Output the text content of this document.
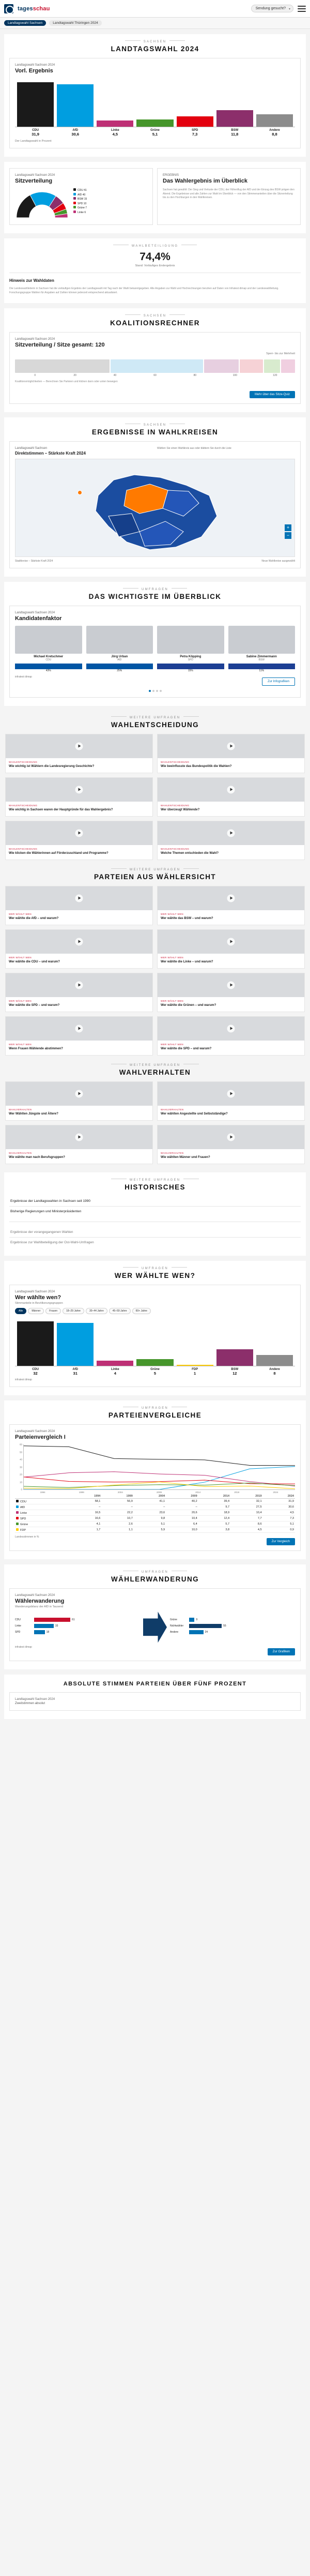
tagesschau	Sendung gesucht? ▾
Landtagswahl Sachsen	Landtagswahl Thüringen 2024
SACHSEN
LANDTAGSWAHL 2024
Landtagswahl Sachsen 2024
Vorl. Ergebnis
CDU
31,9
AfD
30,6
Linke
4,5
Grüne
5,1
SPD
7,3
BSW
11,8
Andere
8,8
Der Landtagswahl in Prozent
Landtagswahl Sachsen 2024
Sitzverteilung
CDU 41
AfD 40
BSW 15
SPD 10
Grüne 7
Linke 6
ERGEBNIS
Das Wahlergebnis im Überblick
Sachsen hat gewählt: Der Sieg und Verluste der CDU, der Höhenflug der AfD und der Einzug des BSW prägen den Abend. Die Ergebnisse und alle Zahlen zur Wahl im Überblick — von den Stimmenanteilen über die Sitzverteilung bis zu den Hochburgen in den Wahlkreisen.
WAHLBETEILIGUNG
74,4%
Stand: Vorläufiges Endergebnis
Hinweis zur Wahldaten
Die Landeswahlleiterin in Sachsen hat die vorläufigen Ergebnis der Landtagswahl mit Tag nach der Wahl bekanntgegeben. Alle Angaben zur Wahl und Hochrechnungen beruhen auf Daten von Infratest dimap und der Landeswahlleitung. Forschungsgruppe Wahlen für Angaben auf Zahlen können jederzeit entsprechend aktualisiert.
SACHSEN
KOALITIONSRECHNER
Landtagswahl Sachsen 2024
Sitzverteilung / Sitze gesamt: 120
Sperr- bis zur Mehrheit
0	20	40	60	80	100	120
Koalitionsmöglichkeiten — Berechnen Sie Parteien und klicken dann oder unten bewegen
Mehr über das Sitze-Quiz
SACHSEN
ERGEBNISSE IN WAHLKREISEN
Landtagswahl Sachsen
Direktstimmen – Stärkste Kraft 2024
Wählen Sie einen Wahlkreis aus oder blättern Sie durch die Liste
+
−
Stadtkreise – Stärkste Kraft 2024	Neue Wahlkreise ausgewählt
UMFRAGEN
DAS WICHTIGSTE IM ÜBERBLICK
Landtagswahl Sachsen 2024
Kandidatenfaktor
Michael Kretschmer
CDU
43%
Jörg Urban
AfD
25%
Petra Köpping
SPD
15%
Sabine Zimmermann
BSW
11%
infratest dimap
Zur Infografiken
WEITERE UMFRAGEN
WAHLENTSCHEIDUNG
WAHLENTSCHEIDUNG
Wie wichtig ist Wählern die Landesregierung Geschichte?
WAHLENTSCHEIDUNG
Wie beeinflusste das Bundespolitik die Wahlen?
WAHLENTSCHEIDUNG
Wie wichtig in Sachsen waren der Hauptgründe für das Wahlergebnis?
WAHLENTSCHEIDUNG
Wer überzeugt Wählende?
WAHLENTSCHEIDUNG
Wie klicken die Wählerinnen auf Förderzuschland und Programme?
WAHLENTSCHEIDUNG
Welche Themen entschieden die Wahl?
WEITERE UMFRAGEN
PARTEIEN AUS WÄHLERSICHT
WER WÄHLT WEN
Wer wählte die AfD – und warum?
WER WÄHLT WEN
Wer wählte das BSW – und warum?
WER WÄHLT WEN
Wer wählte die CDU – und warum?
WER WÄHLT WEN
Wer wählte die Linke – und warum?
WER WÄHLT WEN
Wer wählte die SPD – und warum?
WER WÄHLT WEN
Wer wählte die Grünen – und warum?
WER WÄHLT WEN
Wenn Frauen Wählende abstimmen?
WER WÄHLT WEN
Wer wählte die SPD – und warum?
WEITERE UMFRAGEN
WAHLVERHALTEN
WAHLVERHALTEN
Wer Wählten Jüngste und Ältere?
WAHLVERHALTEN
Wer wählten Angestellte und Selbstständige?
WAHLVERHALTEN
Wie wählte man nach Berufsgruppen?
WAHLVERHALTEN
Wie wählten Männer und Frauen?
WEITERE UMFRAGEN
HISTORISCHES
Ergebnisse der Landtagswahlen in Sachsen seit 1990
Bisherige Regierungen und Ministerpräsidenten
Ergebnisse der vorangegangenen Wahlen
Ergebnisse zur Wahlbeteiligung der Ost-Wahl-Umfragen
UMFRAGEN
WER WÄHLTE WEN?
Landtagswahl Sachsen 2024
Wer wählte wen?
Stimmanteile in Bevölkerungsgruppen
Alle	Männer	Frauen	18–29 Jahre	30–44 Jahre	45–59 Jahre	60+ Jahre
CDU
32
AfD
31
Linke
4
Grüne
5
FDP
1
BSW
12
Andere
8
infratest dimap
UMFRAGEN
PARTEIENVERGLEICHE
Landtagswahl Sachsen 2024
Parteienvergleich I
0
10
20
30
40
50
60
1994	1999	2004	2009	2014	2019	2024
	1994	1999	2004	2009	2014	2019	2024
CDU	58,1	56,9	41,1	40,2	39,4	32,1	31,9
AfD	–	–	–	–	9,7	27,5	30,6
Linke	16,5	22,2	23,6	20,6	18,9	10,4	4,5
SPD	16,6	10,7	9,8	10,4	12,4	7,7	7,3
Grüne	4,1	2,6	5,1	6,4	5,7	8,6	5,1
FDP	1,7	1,1	5,9	10,0	3,8	4,5	0,9
Landesstimmen in %
Zur Vergleich
UMFRAGEN
WÄHLERWANDERUNG
Landtagswahl Sachsen 2024
Wählerwanderung
Wanderungsbilanz der AfD in Tausend
CDU	61
Linke	33
SPD	18
Grüne	9
Nichtwähler	55
Andere	24
infratest dimap
Zur Grafiken
ABSOLUTE STIMMEN PARTEIEN ÜBER FÜNF PROZENT
Landtagswahl Sachsen 2024
Zweitstimmen absolut
